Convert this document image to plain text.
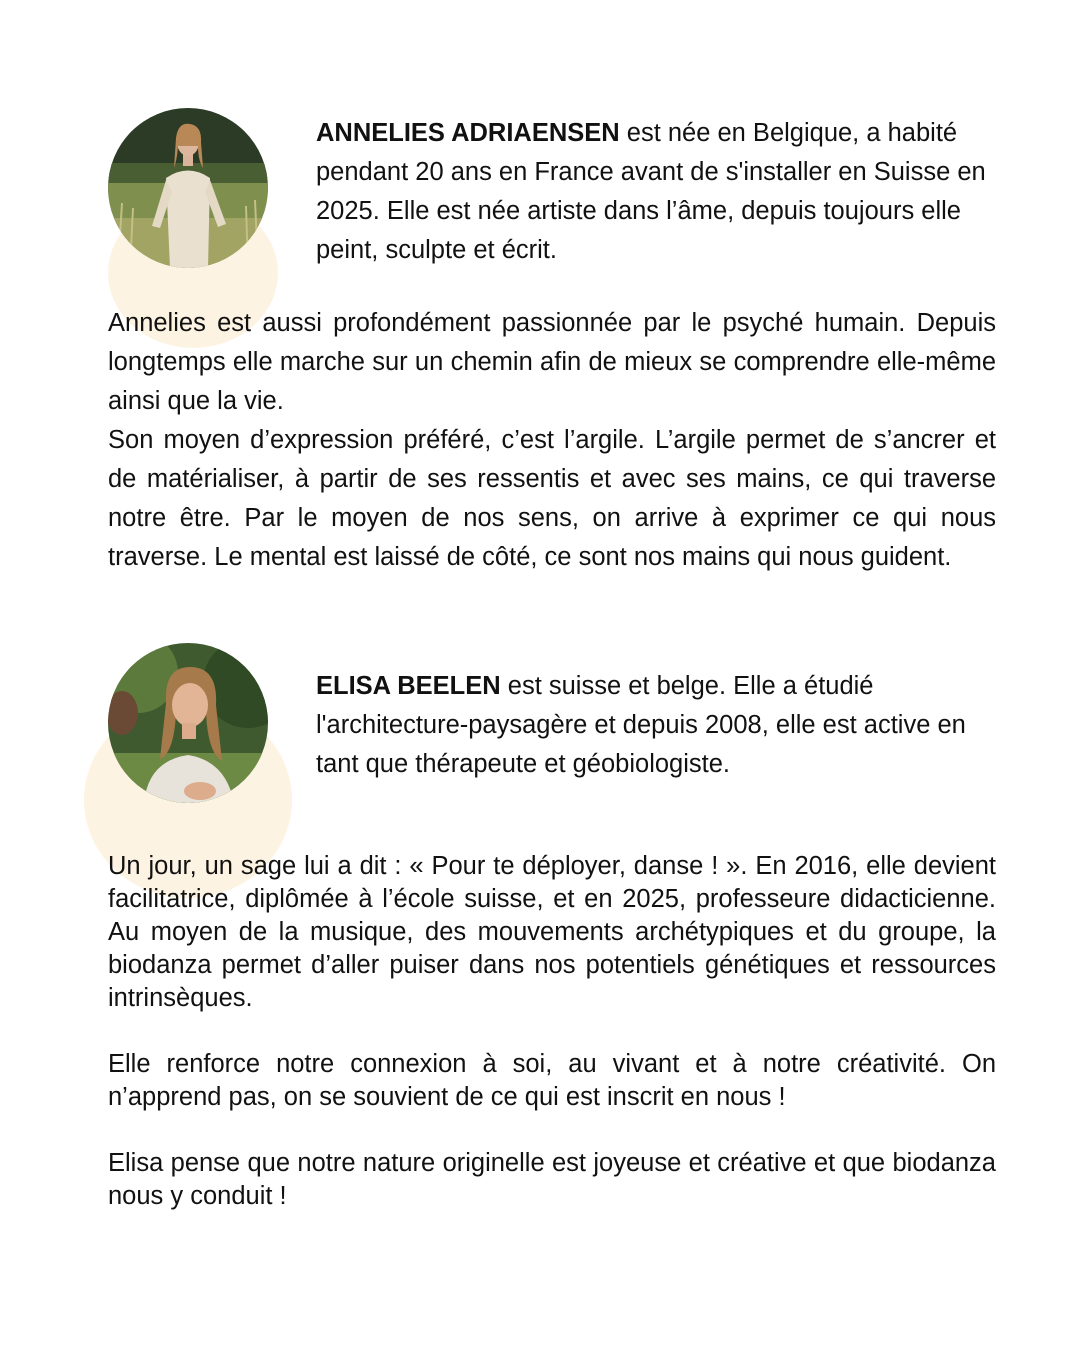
ANNELIES ADRIAENSEN est née en Belgique, a habité pendant 20 ans en France avant de s'installer en Suisse en 2025. Elle est née artiste dans l’âme, depuis toujours elle peint, sculpte et écrit.

Annelies est aussi profondément passionnée par le psyché humain. Depuis longtemps elle marche sur un chemin afin de mieux se comprendre elle-même ainsi que la vie.

Son moyen d’expression préféré, c’est l’argile. L’argile permet de s’ancrer et de matérialiser, à partir de ses ressentis et avec ses mains, ce qui traverse notre être. Par le moyen de nos sens, on arrive à exprimer ce qui nous traverse. Le mental est laissé de côté, ce sont nos mains qui nous guident.

ELISA BEELEN est suisse et belge. Elle a étudié l'architecture-paysagère et depuis 2008, elle est active en tant que thérapeute et géobiologiste.

Un jour, un sage lui a dit : « Pour te déployer, danse ! ». En 2016, elle devient facilitatrice, diplômée à l’école suisse, et en 2025, professeure didacticienne. Au moyen de la musique, des mouvements archétypiques et du groupe, la biodanza permet d’aller puiser dans nos potentiels génétiques et ressources intrinsèques.

Elle renforce notre connexion à soi, au vivant et à notre créativité. On n’apprend pas, on se souvient de ce qui est inscrit en nous !

Elisa pense que notre nature originelle est joyeuse et créative et que biodanza nous y conduit !
